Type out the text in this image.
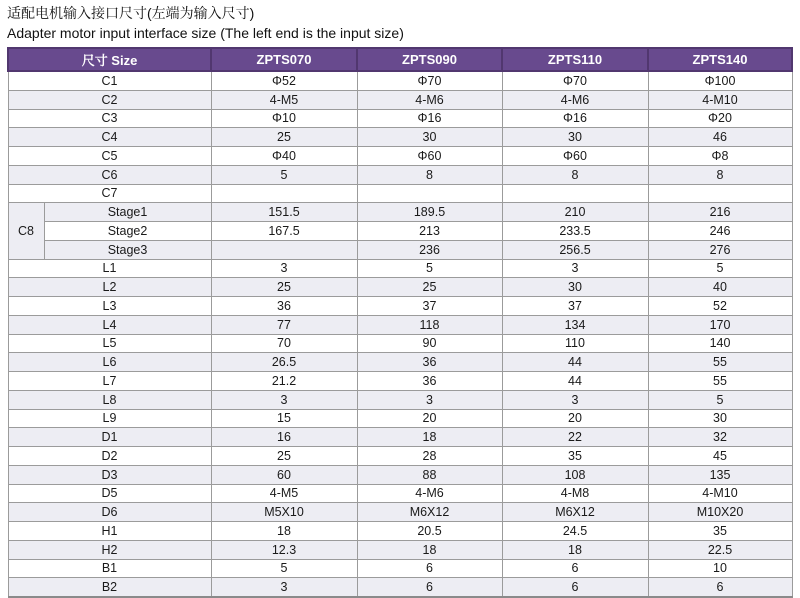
适配电机输入接口尺寸(左端为输入尺寸)
Adapter motor input interface size (The left end is the input size)
尺寸 Size		ZPTS070	ZPTS090	ZPTS110	ZPTS140
C1		Φ52	Φ70	Φ70	Φ100
C2		4-M5	4-M6	4-M6	4-M10
C3		Φ10	Φ16	Φ16	Φ20
C4		25	30	30	46
C5		Φ40	Φ60	Φ60	Φ8
C6		5	8	8	8
C7					
C8	Stage1	151.5	189.5	210	216
	Stage2	167.5	213	233.5	246
	Stage3		236	256.5	276
L1		3	5	3	5
L2		25	25	30	40
L3		36	37	37	52
L4		77	118	134	170
L5		70	90	110	140
L6		26.5	36	44	55
L7		21.2	36	44	55
L8		3	3	3	5
L9		15	20	20	30
D1		16	18	22	32
D2		25	28	35	45
D3		60	88	108	135
D5		4-M5	4-M6	4-M8	4-M10
D6		M5X10	M6X12	M6X12	M10X20
H1		18	20.5	24.5	35
H2		12.3	18	18	22.5
B1		5	6	6	10
B2		3	6	6	6
